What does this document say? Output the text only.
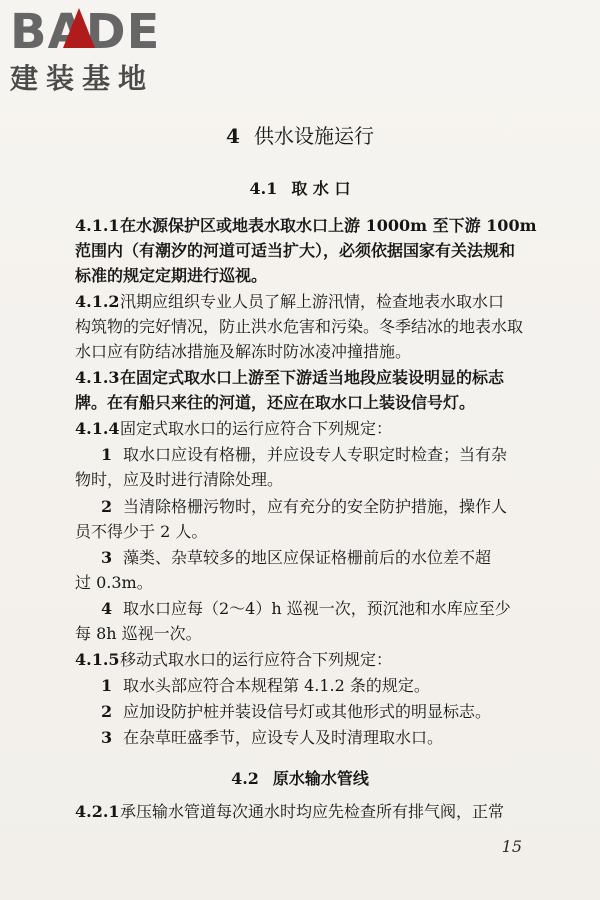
BADE
建装基地
4 供水设施运行
4.1 取 水 口
4.1.1在水源保护区或地表水取水口上游 1000m 至下游 100m
范围内（有潮汐的河道可适当扩大），必须依据国家有关法规和
标准的规定定期进行巡视。
4.1.2汛期应组织专业人员了解上游汛情，检查地表水取水口
构筑物的完好情况，防止洪水危害和污染。冬季结冰的地表水取
水口应有防结冰措施及解冻时防冰凌冲撞措施。
4.1.3在固定式取水口上游至下游适当地段应装设明显的标志
牌。在有船只来往的河道，还应在取水口上装设信号灯。
4.1.4固定式取水口的运行应符合下列规定：
1 取水口应设有格栅，并应设专人专职定时检查；当有杂
物时，应及时进行清除处理。
2 当清除格栅污物时，应有充分的安全防护措施，操作人
员不得少于 2 人。
3 藻类、杂草较多的地区应保证格栅前后的水位差不超
过 0.3m。
4 取水口应每（2～4）h 巡视一次，预沉池和水库应至少
每 8h 巡视一次。
4.1.5移动式取水口的运行应符合下列规定：
1 取水头部应符合本规程第 4.1.2 条的规定。
2 应加设防护桩并装设信号灯或其他形式的明显标志。
3 在杂草旺盛季节，应设专人及时清理取水口。
4.2 原水输水管线
4.2.1承压输水管道每次通水时均应先检查所有排气阀，正常
15
